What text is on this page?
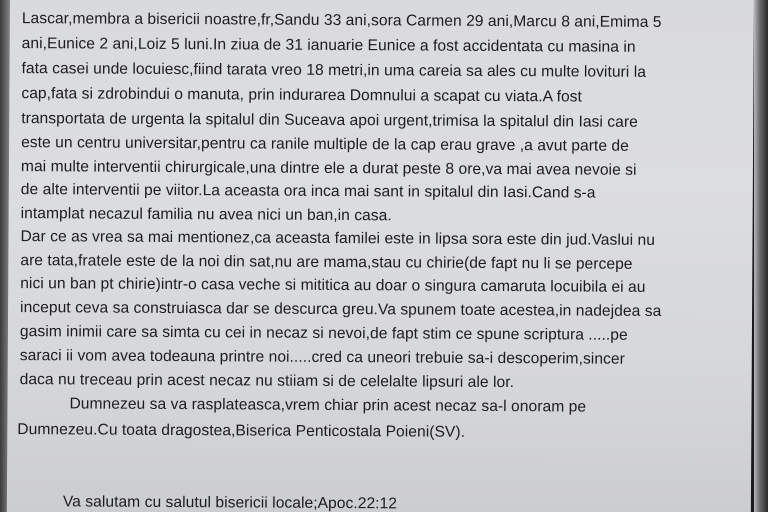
Lascar,membra a bisericii noastre,fr,Sandu 33 ani,sora Carmen 29 ani,Marcu 8 ani,Emima 5
ani,Eunice 2 ani,Loiz 5 luni.In ziua de 31 ianuarie Eunice a fost accidentata cu masina in
fata casei unde locuiesc,fiind tarata vreo 18 metri,in uma careia sa ales cu multe lovituri la
cap,fata si zdrobindui o manuta, prin indurarea Domnului a scapat cu viata.A fost
transportata de urgenta la spitalul din Suceava apoi urgent,trimisa la spitalul din Iasi care
este un centru universitar,pentru ca ranile multiple de la cap erau grave ,a avut parte de
mai multe interventii chirurgicale,una dintre ele a durat peste 8 ore,va mai avea nevoie si
de alte interventii pe viitor.La aceasta ora inca mai sant in spitalul din Iasi.Cand s-a
intamplat necazul familia nu avea nici un ban,in casa.
Dar ce as vrea sa mai mentionez,ca aceasta familei este in lipsa sora este din jud.Vaslui nu
are tata,fratele este de la noi din sat,nu are mama,stau cu chirie(de fapt nu li se percepe
nici un ban pt chirie)intr-o casa veche si mititica au doar o singura camaruta locuibila ei au
inceput ceva sa construiasca dar se descurca greu.Va spunem toate acestea,in nadejdea sa
gasim inimii care sa simta cu cei in necaz si nevoi,de fapt stim ce spune scriptura .....pe
saraci ii vom avea todeauna printre noi.....cred ca uneori trebuie sa-i descoperim,sincer
daca nu treceau prin acest necaz nu stiiam si de celelalte lipsuri ale lor.
Dumnezeu sa va rasplateasca,vrem chiar prin acest necaz sa-l onoram pe
Dumnezeu.Cu toata dragostea,Biserica Penticostala Poieni(SV).
Va salutam cu salutul bisericii locale;Apoc.22:12
